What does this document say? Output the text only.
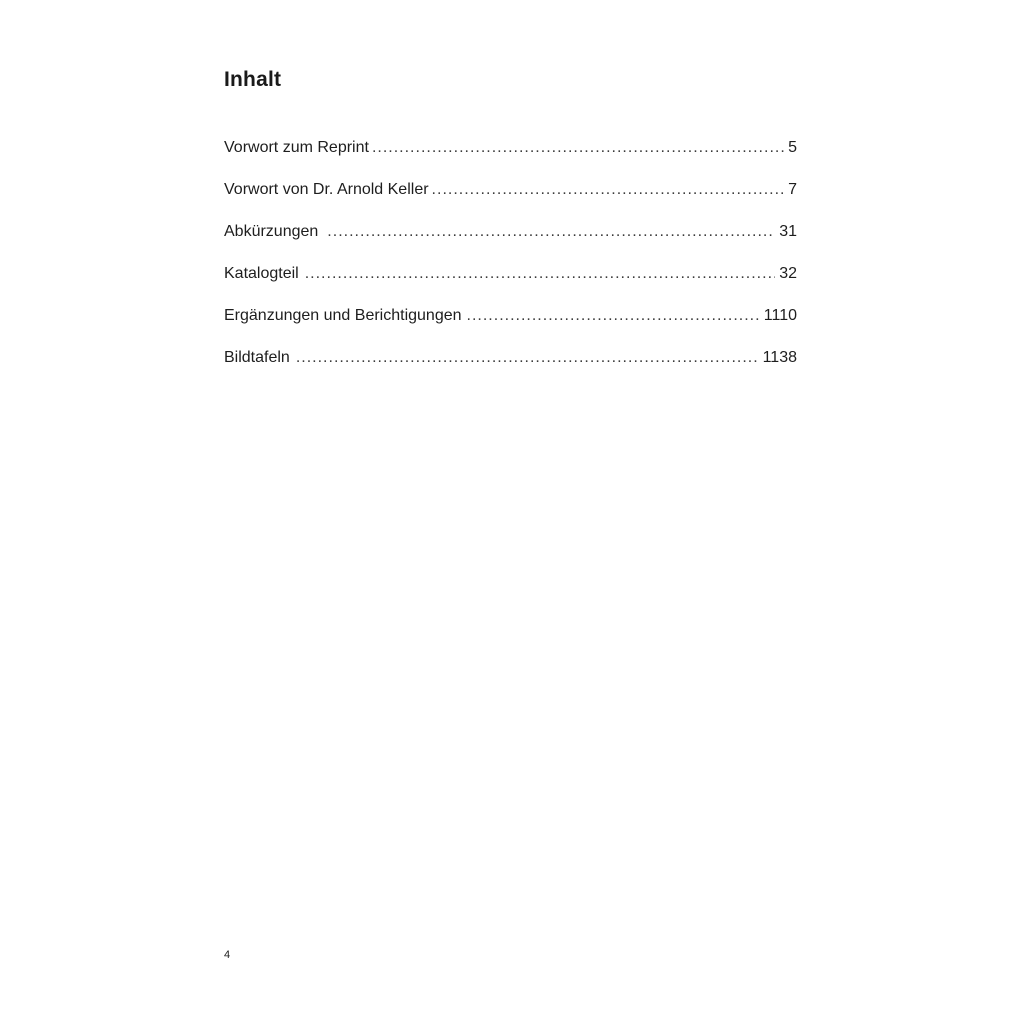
Inhalt
Vorwort zum Reprint .....	5
Vorwort von Dr. Arnold Keller .....	7
Abkürzungen .....	31
Katalogteil .....	32
Ergänzungen und Berichtigungen .....	1110
Bildtafeln .....	1138
4
